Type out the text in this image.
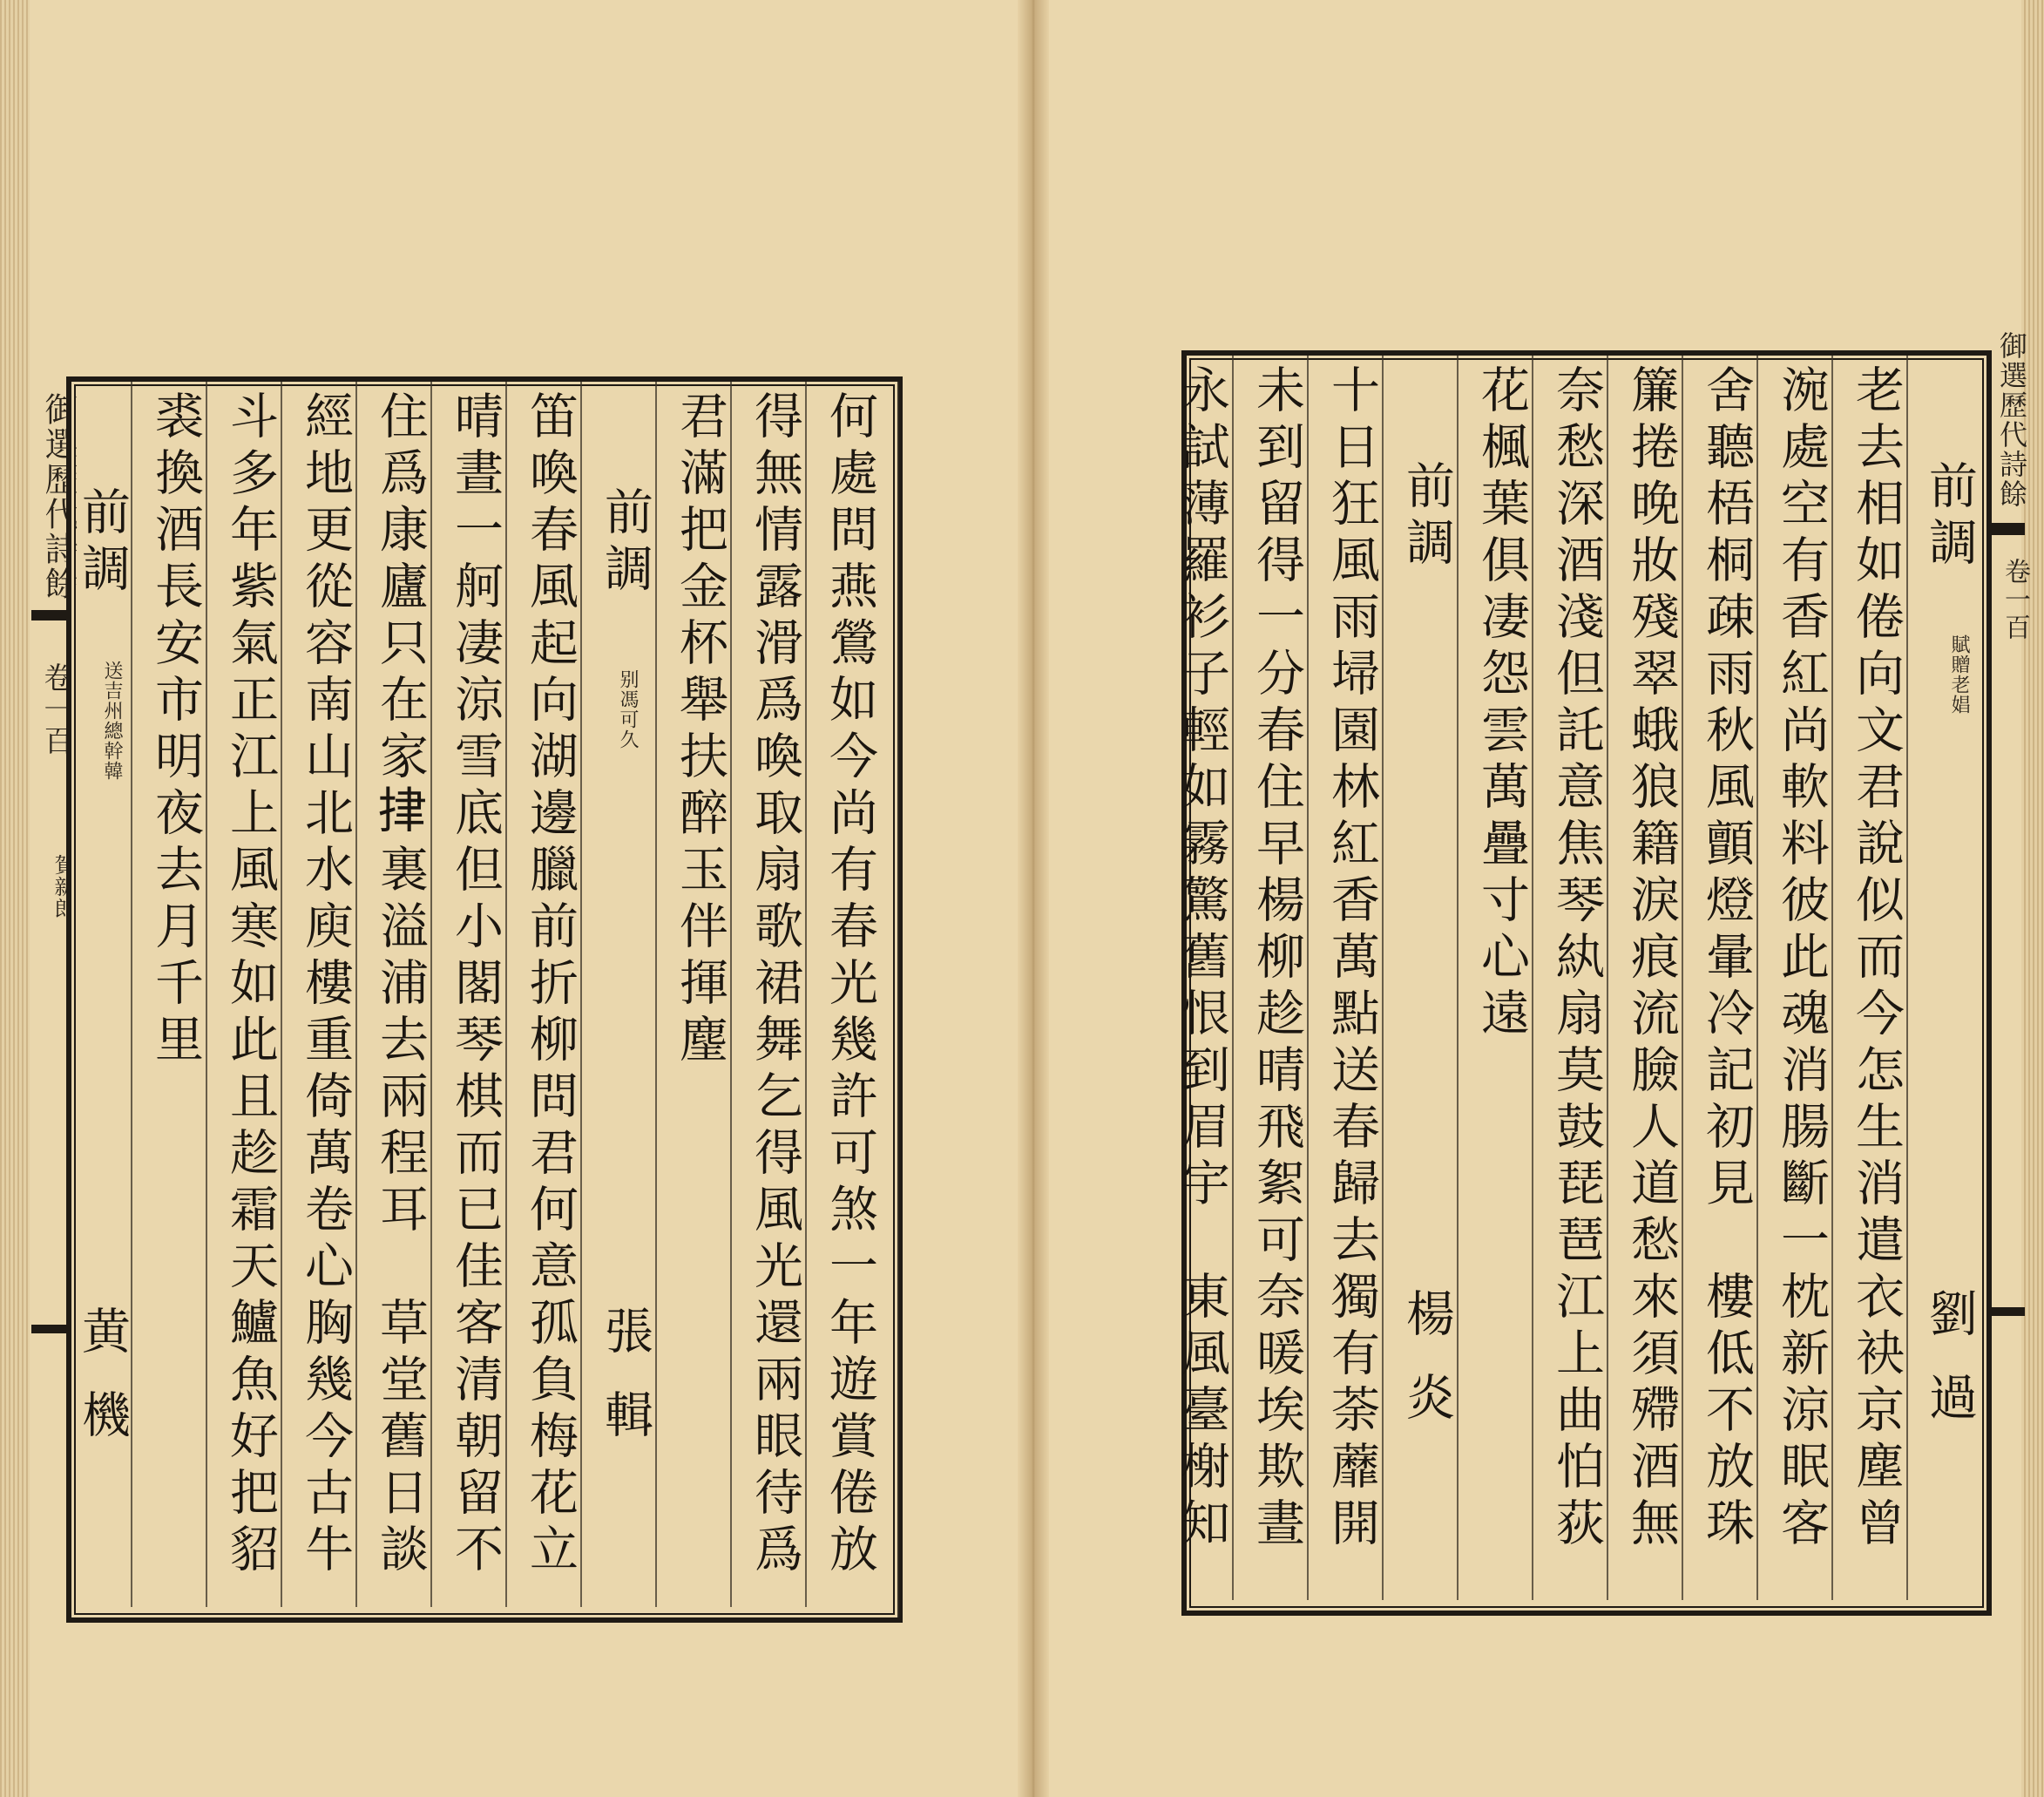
御選歷代詩餘
卷一百
賀新郎	何處問燕鶯如今尚有春光幾許可煞一年遊賞倦放
得無情露滑爲喚取扇歌裙舞乞得風光還兩眼待爲
君滿把金杯舉扶醉玉伴揮麈
前調
别馮可久
張輯
笛喚春風起向湖邊臘前折柳問君何意孤負梅花立
晴晝一舸凄涼雪底但小閣琴棋而已佳客清朝留不
住爲康廬只在家𢫫裏溢浦去兩程耳　草堂舊日談
經地更從容南山北水庾樓重倚萬卷心胸幾今古牛
斗多年紫氣正江上風寒如此且趁霜天鱸魚好把貂
裘換酒長安市明夜去月千里
前調
送吉州總幹韓
黄機
御選歷代詩餘
卷一百
前調
賦贈老娼
劉過
老去相如倦向文君說似而今怎生消遣衣袂京塵曾
涴處空有香紅尚軟料彼此魂消腸斷一枕新涼眠客
舍聽梧桐疎雨秋風顫燈暈冷記初見　樓低不放珠
簾捲晚妝殘翠蛾狼籍淚痕流臉人道愁來須殢酒無
奈愁深酒淺但託意焦琴紈扇莫鼓琵琶江上曲怕荻
花楓葉俱凄怨雲萬疊寸心遠
前調
楊炎
十日狂風雨埽園林紅香萬點送春歸去獨有荼蘼開
未到留得一分春住早楊柳趁晴飛絮可奈暖埃欺晝
永試薄羅衫子輕如霧驚舊恨到眉宇　東風臺榭知
